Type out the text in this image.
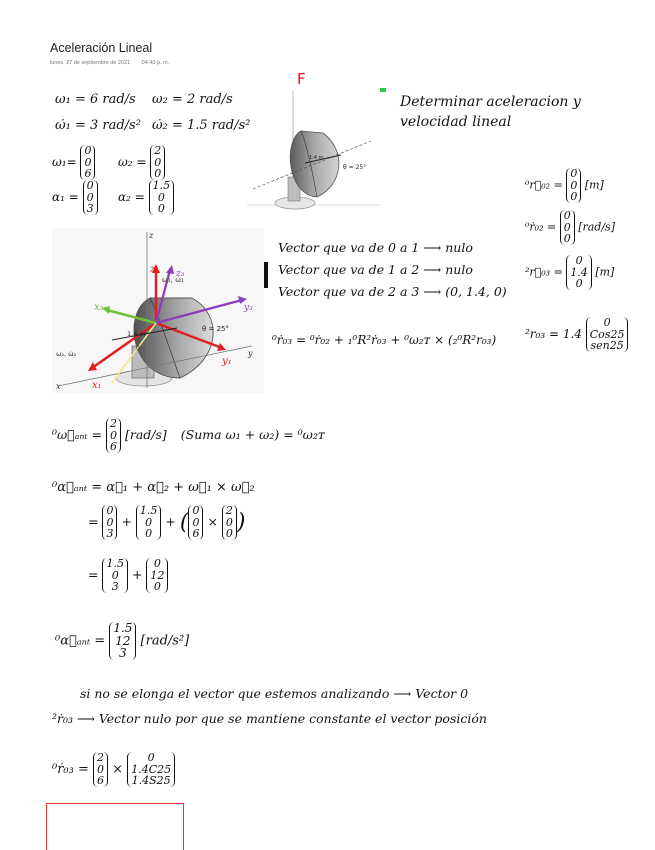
Aceleración Lineal
lunes, 27 de septiembre de 2021 04:40 p. m.
ω₁ = 6 rad/s ω₂ = 2 rad/s
ω̇₁ = 3 rad/s² ω̇₂ = 1.5 rad/s²
ω₁= 0
0
6
ω₂ = 2
0
0
α₁ = 0
0
3
α₂ = 1.5
0
0
F
1.4 m
θ = 25°
Determinar aceleracion y velocidad lineal
⁰r⃗₀₂ = 0
0
0 [m]
⁰ṙ₀₂ = 0
0
0 [rad/s]
²r⃗₀₃ = 0
1.4
0 [m]
²r₀₃ = 1.4 0
Cos25
sen25
z
z₁
ω₁, ω̇₁
z₃
x₂	y₃
1.4 m
θ = 25°
ω₂, ω̇₂
x	x₁
y
y₁
0
Vector que va de 0 a 1 ⟶ nulo
Vector que va de 1 a 2 ⟶ nulo
Vector que va de 2 a 3 ⟶ (0, 1.4, 0)
⁰ṙ₀₃ = ⁰ṙ₀₂ + ₁⁰R²ṙ₀₃ + ⁰ω₂ᴛ × (₂⁰R²r₀₃)
⁰ω⃗ₐₙₜ = 2
0
6 [rad/s] (Suma ω₁ + ω₂) = ⁰ω₂ᴛ
⁰α⃗ₐₙₜ = α⃗₁ + α⃗₂ + ω⃗₁ × ω⃗₂
= 0
0
3 + 1.5
0
0 + ( 0
0
6 × 2
0
0 )
= 1.5
0
3 + 0
12
0
⁰α⃗ₐₙₜ = 1.5
12
3 [rad/s²]
si no se elonga el vector que estemos analizando ⟶ Vector 0
²ṙ₀₃ ⟶ Vector nulo por que se mantiene constante el vector posición
⁰ṙ₀₃ = 2
0
6 × 0
1.4C25
1.4S25
